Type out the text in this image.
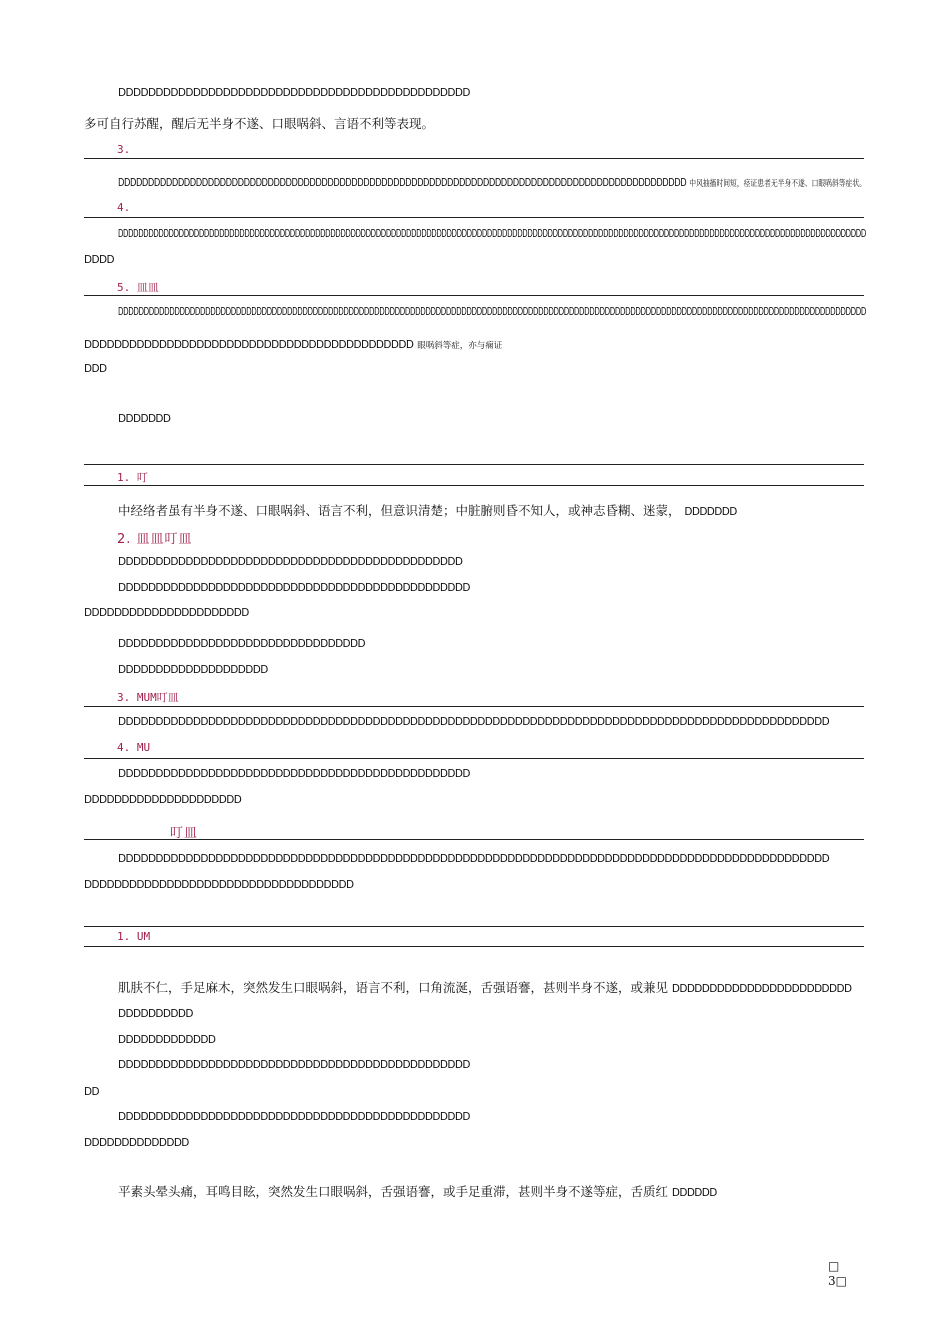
DDDDDDDDDDDDDDDDDDDDDDDDDDDDDDDDDDDDDDDDDDDDDDD
多可自行苏醒，醒后无半身不遂、口眼㖞斜、言语不利等表现。
3.
DDDDDDDDDDDDDDDDDDDDDDDDDDDDDDDDDDDDDDDDDDDDDDDDDDDDDDDDDDDDDDDDDDDDDDDDDDDDDDDDDDDDDDDDDDDDDDD 中风抽搐时间短，痉证患者无半身不遂、口眼㖞斜等症状。
4.
DDDDDDDDDDDDDDDDDDDDDDDDDDDDDDDDDDDDDDDDDDDDDDDDDDDDDDDDDDDDDDDDDDDDDDDDDDDDDDDDDDDDDDDDDDDDDDDDDDDDDDDDDDDDDDDDDDDDDDDDDDDDDDDDDDDDDDDDDDDDDDDDDDDD
DDDD
5. 皿皿
DDDDDDDDDDDDDDDDDDDDDDDDDDDDDDDDDDDDDDDDDDDDDDDDDDDDDDDDDDDDDDDDDDDDDDDDDDDDDDDDDDDDDDDDDDDDDDDDDDDDDDDDDDDDDDDDDDDDDDDDDDDDDDDDDDDDDDDDDDDDDDDDDD
DDDDDDDDDDDDDDDDDDDDDDDDDDDDDDDDDDDDDDDDDDDD 眼㖞斜等症，亦与痫证
DDD
DDDDDDD
1. 叮
中经络者虽有半身不遂、口眼㖞斜、语言不利，但意识清楚；中脏腑则昏不知人，或神志昏糊、迷蒙， DDDDDDD
2. 皿皿叮皿
DDDDDDDDDDDDDDDDDDDDDDDDDDDDDDDDDDDDDDDDDDDDDD
DDDDDDDDDDDDDDDDDDDDDDDDDDDDDDDDDDDDDDDDDDDDDDD
DDDDDDDDDDDDDDDDDDDDDD
DDDDDDDDDDDDDDDDDDDDDDDDDDDDDDDDD
DDDDDDDDDDDDDDDDDDDD
3. MUM叮皿
DDDDDDDDDDDDDDDDDDDDDDDDDDDDDDDDDDDDDDDDDDDDDDDDDDDDDDDDDDDDDDDDDDDDDDDDDDDDDDDDDDDDDDDDDDDDDDD
4. MU
DDDDDDDDDDDDDDDDDDDDDDDDDDDDDDDDDDDDDDDDDDDDDDD
DDDDDDDDDDDDDDDDDDDDD
叮皿
DDDDDDDDDDDDDDDDDDDDDDDDDDDDDDDDDDDDDDDDDDDDDDDDDDDDDDDDDDDDDDDDDDDDDDDDDDDDDDDDDDDDDDDDDDDDDDD
DDDDDDDDDDDDDDDDDDDDDDDDDDDDDDDDDDDD
1. UM
肌肤不仁，手足麻木，突然发生口眼㖞斜，语言不利，口角流涎，舌强语謇，甚则半身不遂，或兼见 DDDDDDDDDDDDDDDDDDDDDDDD
DDDDDDDDDD
DDDDDDDDDDDDD
DDDDDDDDDDDDDDDDDDDDDDDDDDDDDDDDDDDDDDDDDDDDDDD
DD
DDDDDDDDDDDDDDDDDDDDDDDDDDDDDDDDDDDDDDDDDDDDDDD
DDDDDDDDDDDDDD
平素头晕头痛，耳鸣目眩，突然发生口眼㖞斜，舌强语謇，或手足重滞，甚则半身不遂等症，舌质红 DDDDDD
□
3□
